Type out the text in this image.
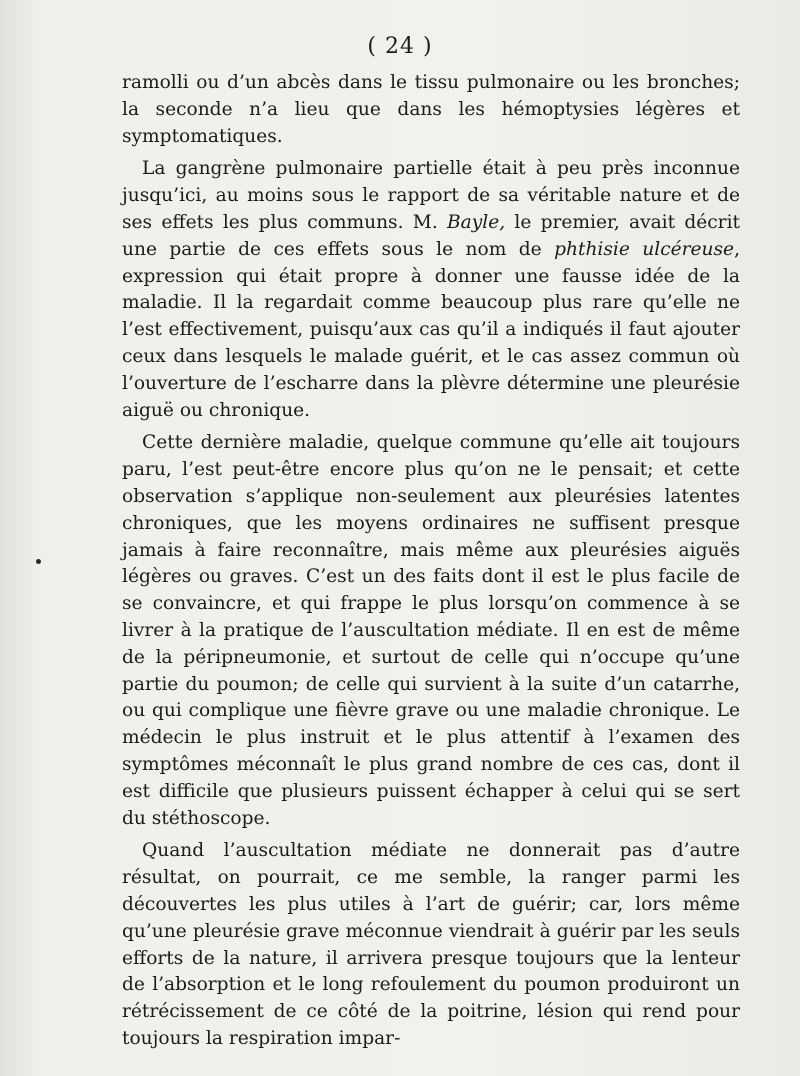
( 24 )

ramolli ou d’un abcès dans le tissu pulmonaire ou les bronches; la seconde n’a lieu que dans les hémoptysies légères et symptomatiques.

La gangrène pulmonaire partielle était à peu près inconnue jusqu’ici, au moins sous le rapport de sa véritable nature et de ses effets les plus communs. M. Bayle, le premier, avait décrit une partie de ces effets sous le nom de phthisie ulcéreuse, expression qui était propre à donner une fausse idée de la maladie. Il la regardait comme beaucoup plus rare qu’elle ne l’est effectivement, puisqu’aux cas qu’il a indiqués il faut ajouter ceux dans lesquels le malade guérit, et le cas assez commun où l’ouverture de l’escharre dans la plèvre détermine une pleurésie aiguë ou chronique.

Cette dernière maladie, quelque commune qu’elle ait toujours paru, l’est peut-être encore plus qu’on ne le pensait; et cette observation s’applique non-seulement aux pleurésies latentes chroniques, que les moyens ordinaires ne suffisent presque jamais à faire reconnaître, mais même aux pleurésies aiguës légères ou graves. C’est un des faits dont il est le plus facile de se convaincre, et qui frappe le plus lorsqu’on commence à se livrer à la pratique de l’auscultation médiate. Il en est de même de la péripneumonie, et surtout de celle qui n’occupe qu’une partie du poumon; de celle qui survient à la suite d’un catarrhe, ou qui complique une fièvre grave ou une maladie chronique. Le médecin le plus instruit et le plus attentif à l’examen des symptômes méconnaît le plus grand nombre de ces cas, dont il est difficile que plusieurs puissent échapper à celui qui se sert du stéthoscope.

Quand l’auscultation médiate ne donnerait pas d’autre résultat, on pourrait, ce me semble, la ranger parmi les découvertes les plus utiles à l’art de guérir; car, lors même qu’une pleurésie grave méconnue viendrait à guérir par les seuls efforts de la nature, il arrivera presque toujours que la lenteur de l’absorption et le long refoulement du poumon produiront un rétrécissement de ce côté de la poitrine, lésion qui rend pour toujours la respiration impar-
